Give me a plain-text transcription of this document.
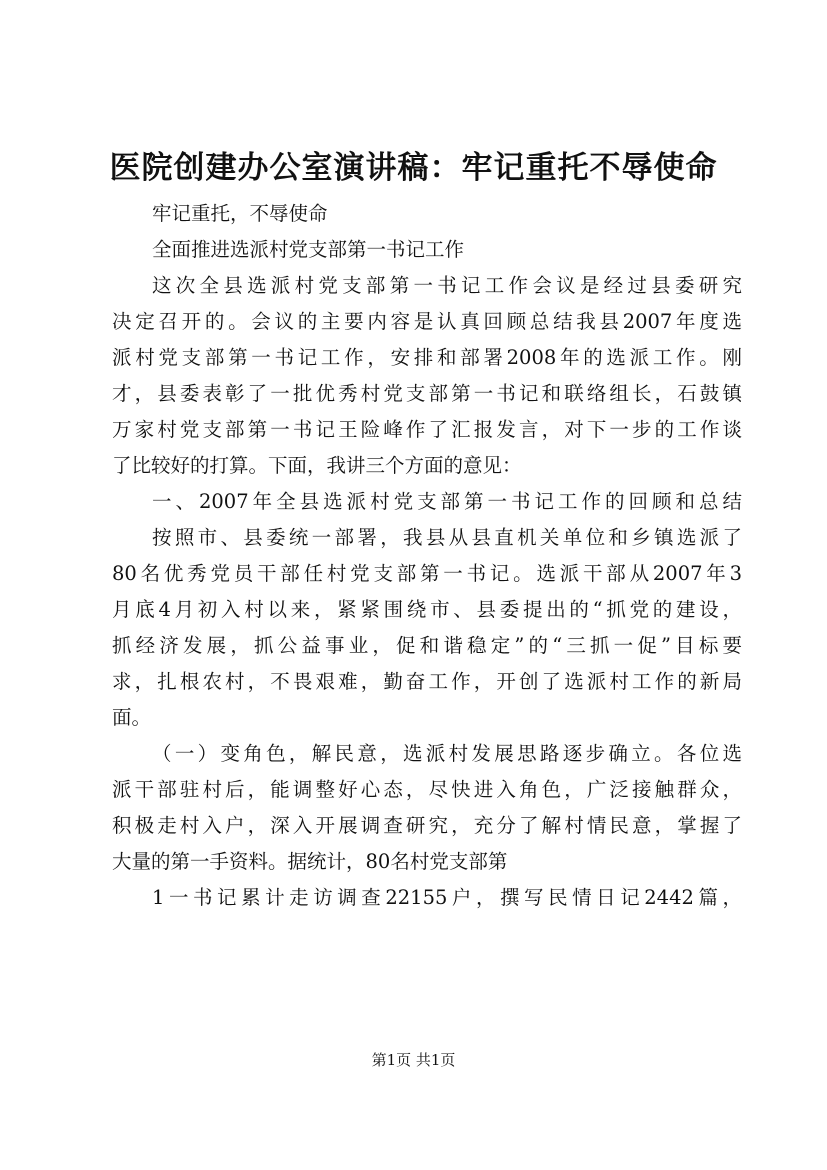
医院创建办公室演讲稿：牢记重托不辱使命
牢记重托，不辱使命
全面推进选派村党支部第一书记工作
这次全县选派村党支部第一书记工作会议是经过县委研究
决定召开的。会议的主要内容是认真回顾总结我县2007年度选
派村党支部第一书记工作，安排和部署2008年的选派工作。刚
才，县委表彰了一批优秀村党支部第一书记和联络组长，石鼓镇
万家村党支部第一书记王险峰作了汇报发言，对下一步的工作谈
了比较好的打算。下面，我讲三个方面的意见：
一、2007年全县选派村党支部第一书记工作的回顾和总结
按照市、县委统一部署，我县从县直机关单位和乡镇选派了
80名优秀党员干部任村党支部第一书记。选派干部从2007年3
月底4月初入村以来，紧紧围绕市、县委提出的“抓党的建设，
抓经济发展，抓公益事业，促和谐稳定”的“三抓一促”目标要
求，扎根农村，不畏艰难，勤奋工作，开创了选派村工作的新局
面。
（一）变角色，解民意，选派村发展思路逐步确立。各位选
派干部驻村后，能调整好心态，尽快进入角色，广泛接触群众，
积极走村入户，深入开展调查研究，充分了解村情民意，掌握了
大量的第一手资料。据统计，80名村党支部第
1一书记累计走访调查22155户，撰写民情日记2442篇，
第1页 共1页
